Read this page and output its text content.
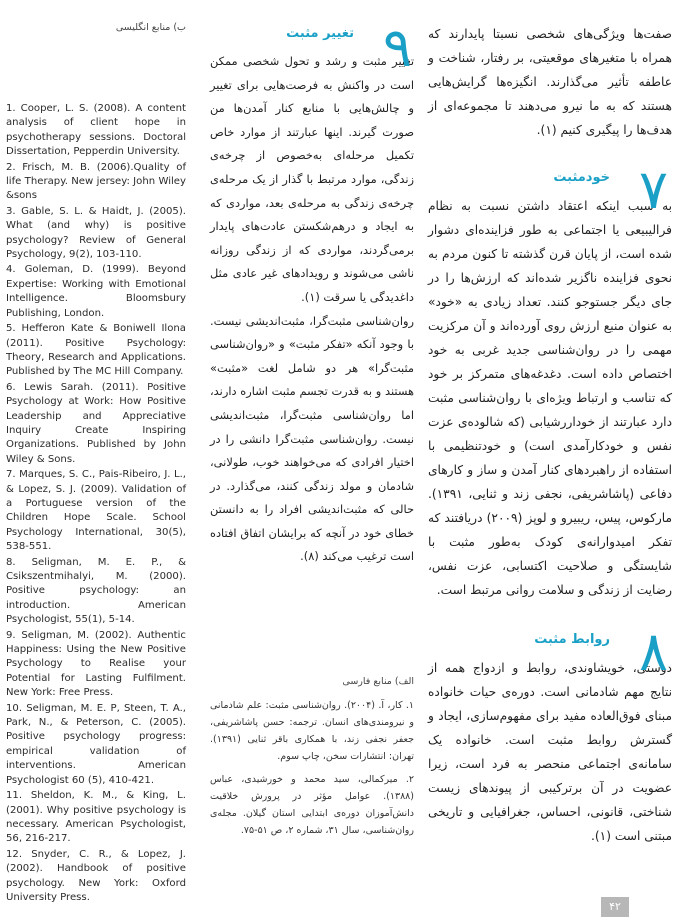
صفت‌ها ویژگی‌های شخصی نسبتا پایدارند که همراه با متغیرهای موقعیتی، بر رفتار، شناخت و عاطفه تأثیر می‌گذارند. انگیزه‌ها گرایش‌هایی هستند که به ما نیرو می‌دهند تا مجموعه‌ای از هدف‌ها را پیگیری کنیم (۱).
۷
خودمثبت
به سبب اینکه اعتقاد داشتن نسبت به نظام فرالیبیعی یا اجتماعی به طور فزاینده‌ای دشوار شده است، از پایان قرن گذشته تا کنون مردم به نحوی فزاینده ناگزیر شده‌اند که ارزش‌ها را در جای دیگر جستوجو کنند. تعداد زیادی به «خود» به عنوان منبع ارزش روی آورده‌اند و آن مرکزیت مهمی را در روان‌شناسی جدید غربی به خود اختصاص داده است. دغدغه‌های متمرکز بر خود که تناسب و ارتباط ویژه‌ای با روان‌شناسی مثبت دارد عبارتند از خوداررشیابی (که شالوده‌ی عزت نفس و خودکارآمدی است) و خودتنظیمی با استفاده از راهبردهای کنار آمدن و ساز و کارهای دفاعی (پاشاشریفی، نجفی زند و ثنایی، ۱۳۹۱). مارکوس، پیس، ریبیرو و لوپز (۲۰۰۹) دریافتند که تفکر امیدوارانه‌ی کودک به‌طور مثبت با شایستگی و صلاحیت اکتسابی، عزت نفس، رضایت از زندگی و سلامت روانی مرتبط است.
۸
روابط مثبت
دوستی، خویشاوندی، روابط و ازدواج همه از نتایج مهم شادمانی است. دوره‌ی حیات خانواده مبنای فوق‌العاده مفید برای مفهوم‌سازی، ایجاد و گسترش روابط مثبت است. خانواده یک سامانه‌ی اجتماعی منحصر به فرد است، زیرا عضویت در آن برترکیبی از پیوندهای زیست شناختی، قانونی، احساس، جغرافیایی و تاریخی مبتنی است (۱).
۹
تغییر مثبت
تغییر مثبت و رشد و تحول شخصی ممکن است در واکنش به فرصت‌هایی برای تغییر و چالش‌هایی با منابع کنار آمدن‌ها من صورت گیرند. اینها عبارتند از موارد خاص تکمیل مرحله‌ای به‌خصوص از چرخه‌ی زندگی، موارد مرتبط با گذار از یک مرحله‌ی چرخه‌ی زندگی به مرحله‌ی بعد، مواردی که به ایجاد و درهم‌شکستن عادت‌های پایدار برمی‌گردند، مواردی که از زندگی روزانه ناشی می‌شوند و رویدادهای غیر عادی مثل داغدیدگی یا سرقت (۱).
روان‌شناسی مثبت‌گرا، مثبت‌اندیشی نیست. با وجود آنکه «تفکر مثبت» و «روان‌شناسی مثبت‌گرا» هر دو شامل لغت «مثبت» هستند و به قدرت تجسم مثبت اشاره دارند، اما روان‌شناسی مثبت‌گرا، مثبت‌اندیشی نیست. روان‌شناسی مثبت‌گرا دانشی را در اختیار افرادی که می‌خواهند خوب، طولانی، شادمان و مولد زندگی کنند، می‌گذارد. در حالی که مثبت‌اندیشی افراد را به دانستن خطای خود در آنچه که برایشان اتفاق افتاده است ترغیب می‌کند (۸).
الف) منابع فارسی
۱. کار، آ. (۲۰۰۴). روان‌شناسی مثبت: علم شادمانی و نیرومندی‌های انسان. ترجمه: حسن پاشاشریفی، جعفر نجفی زند، با همکاری باقر ثنایی (۱۳۹۱). تهران: انتشارات سخن، چاپ سوم.
۲. میرکمالی، سید محمد و خورشیدی، عباس (۱۳۸۸). عوامل مؤثر در پرورش خلاقیت دانش‌آموزان دوره‌ی ابتدایی استان گیلان. مجله‌ی روان‌شناسی، سال ۳۱، شماره ۲، ص ۵۱-۷۵.
ب) منابع انگلیسی

1. Cooper, L. S. (2008). A content analysis of client hope in psychotherapy sessions. Doctoral Dissertation, Pepperdin University.

2. Frisch, M. B. (2006).Quality of life Therapy. New jersey: John Wiley &sons

3. Gable, S. L. & Haidt, J. (2005). What (and why) is positive psychology? Review of General Psychology, 9(2), 103-110.

4. Goleman, D. (1999). Beyond Expertise: Working with Emotional Intelligence. Bloomsbury Publishing, London.

5. Hefferon Kate & Boniwell Ilona (2011). Positive Psychology: Theory, Research and Applications. Published by The MC Hill Company.

6. Lewis Sarah. (2011). Positive Psychology at Work: How Positive Leadership and Appreciative Inquiry Create Inspiring Organizations. Published by John Wiley & Sons.

7. Marques, S. C., Pais-Ribeiro, J. L., & Lopez, S. J. (2009). Validation of a Portuguese version of the Children Hope Scale. School Psychology International, 30(5), 538-551.

8. Seligman, M. E. P., & Csikszentmihalyi, M. (2000). Positive psychology: an introduction. American Psychologist, 55(1), 5-14.

9. Seligman, M. (2002). Authentic Happiness: Using the New Positive Psychology to Realise your Potential for Lasting Fulfilment. New York: Free Press.

10. Seligman, M. E. P, Steen, T. A., Park, N., & Peterson, C. (2005). Positive psychology progress: empirical validation of interventions. American Psychologist 60 (5), 410-421.

11. Sheldon, K. M., & King, L. (2001). Why positive psychology is necessary. American Psychologist, 56, 216-217.

12. Snyder, C. R., & Lopez, J. (2002). Handbook of positive psychology. New York: Oxford University Press.

۴۲
